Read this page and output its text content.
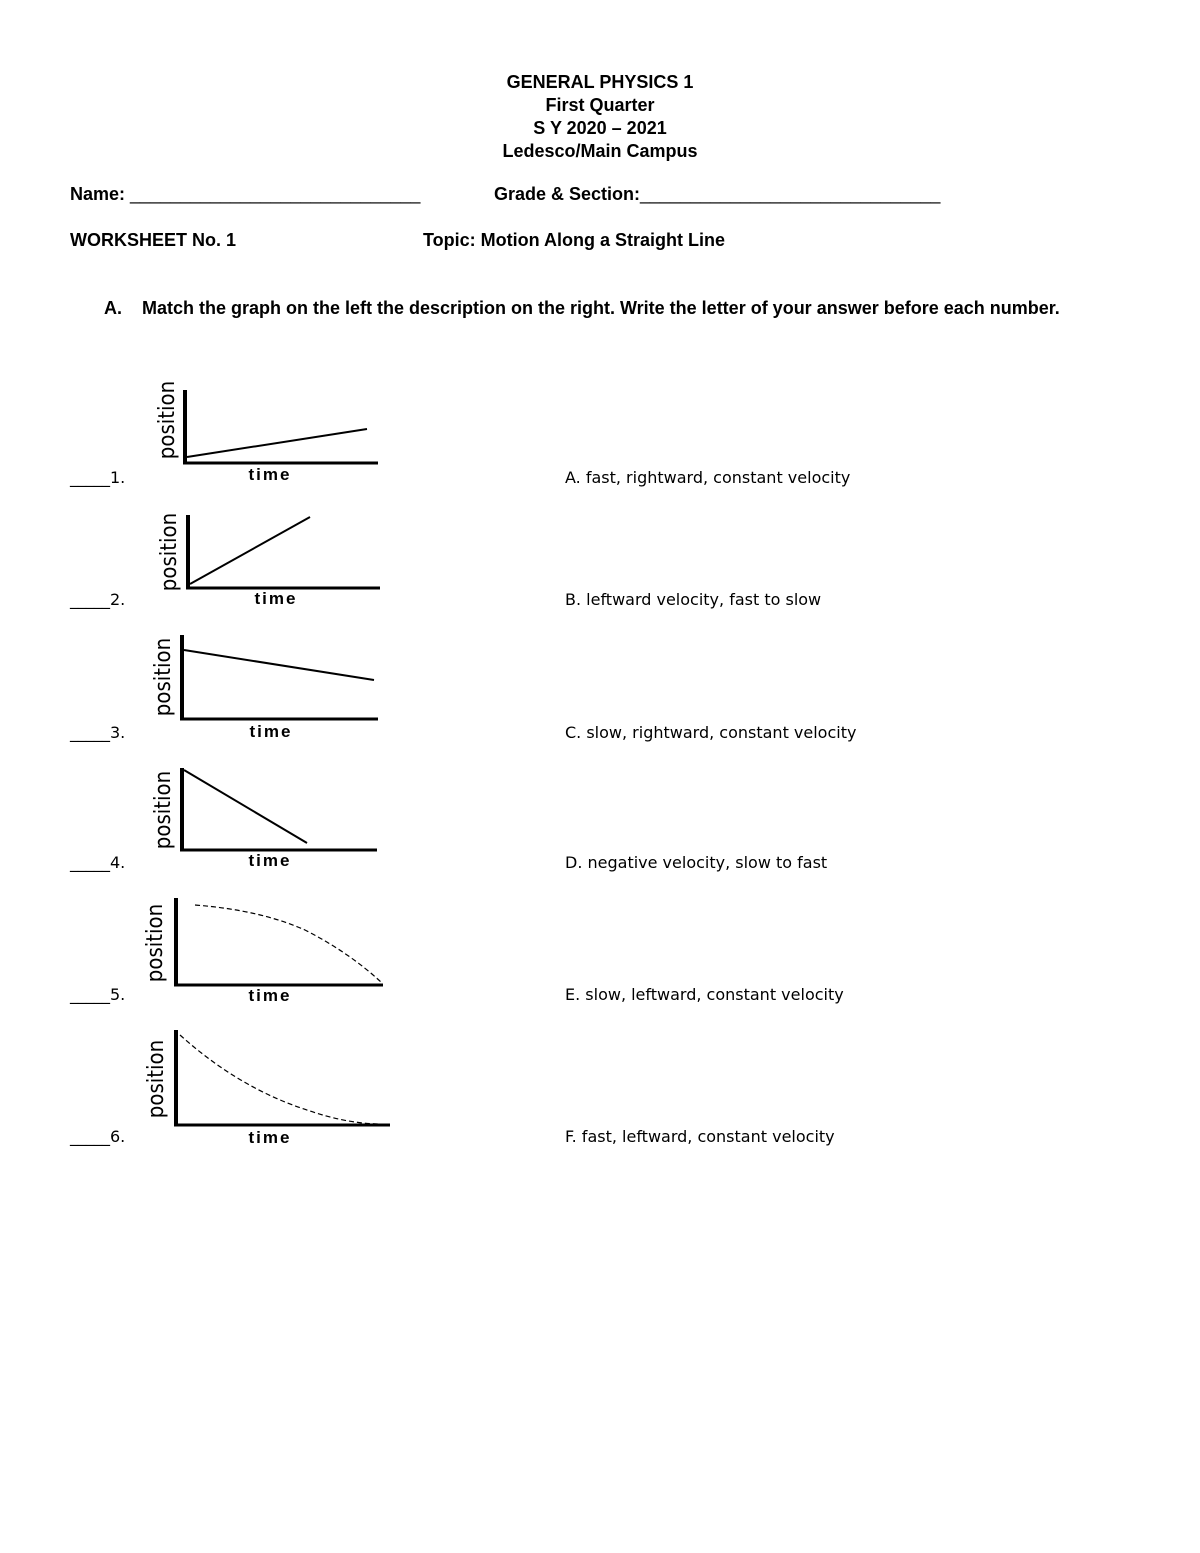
GENERAL PHYSICS 1
First Quarter
S Y 2020 – 2021
Ledesco/Main Campus
Name: _____________________________	Grade & Section:______________________________
WORKSHEET No. 1	Topic: Motion Along a Straight Line
A. Match the graph on the left the description on the right. Write the letter of your answer before each number.
_____1.
_____2.
_____3.
_____4.
_____5.
_____6.
A. fast, rightward, constant velocity
B. leftward velocity, fast to slow
C. slow, rightward, constant velocity
D. negative velocity, slow to fast
E. slow, leftward, constant velocity
F. fast, leftward, constant velocity
position
time
position
time
position
time
position
time
position
time
position
time
